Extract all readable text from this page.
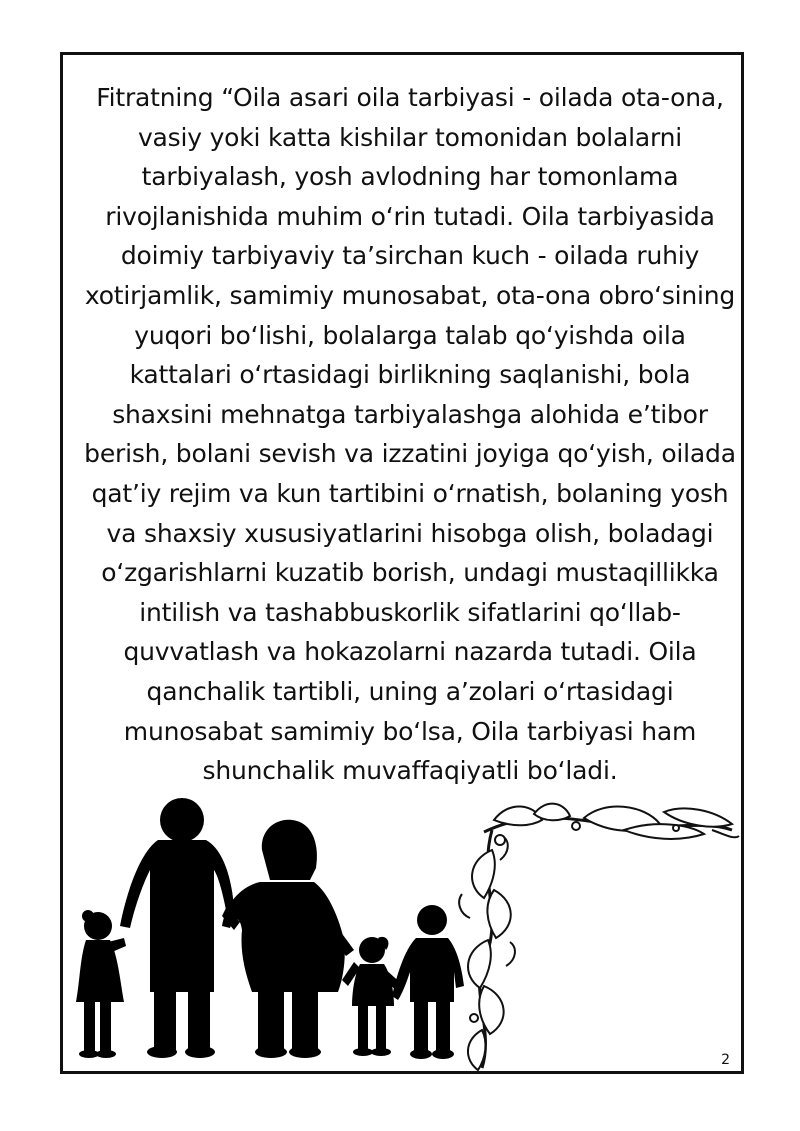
Fitratning “Oila asari oila tarbiyasi - oilada ota-ona, vasiy yoki katta kishilar tomonidan bolalarni tarbiyalash, yosh avlodning har tomonlama rivojlanishida muhim o‘rin tutadi. Oila tarbiyasida doimiy tarbiyaviy ta’sirchan kuch - oilada ruhiy xotirjamlik, samimiy munosabat, ota-ona obro‘sining yuqori bo‘lishi, bolalarga talab qo‘yishda oila kattalari o‘rtasidagi birlikning saqlanishi, bola shaxsini mehnatga tarbiyalashga alohida e’tibor berish, bolani sevish va izzatini joyiga qo‘yish, oilada qat’iy rejim va kun tartibini o‘rnatish, bolaning yosh va shaxsiy xususiyatlarini hisobga olish, boladagi o‘zgarishlarni kuzatib borish, undagi mustaqillikka intilish va tashabbuskorlik sifatlarini qo‘llab-quvvatlash va hokazolarni nazarda tutadi. Oila qanchalik tartibli, uning a’zolari o‘rtasidagi munosabat samimiy bo‘lsa, Oila tarbiyasi ham shunchalik muvaffaqiyatli bo‘ladi.

2
